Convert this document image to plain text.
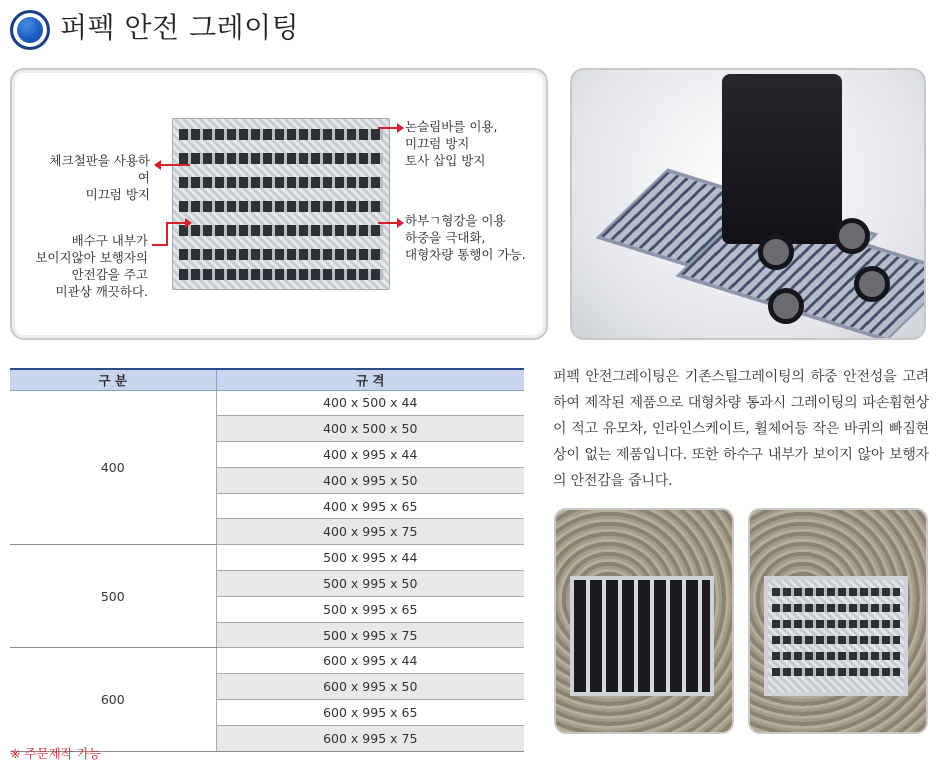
퍼펙 안전 그레이팅
체크철판을 사용하여
미끄럼 방지
배수구 내부가
보이지않아 보행자의
안전감을 주고
미관상 깨끗하다.
논슬림바를 이용,
미끄럼 방지
토사 삽입 방지
하부ㄱ형강을 이용
하중을 극대화,
대형차량 통행이 가능.
구 분	규 격
400	400 x 500 x 44
	400 x 500 x 50
	400 x 995 x 44
	400 x 995 x 50
	400 x 995 x 65
	400 x 995 x 75
500	500 x 995 x 44
	500 x 995 x 50
	500 x 995 x 65
	500 x 995 x 75
600	600 x 995 x 44
	600 x 995 x 50
	600 x 995 x 65
	600 x 995 x 75
※ 주문제작 가능

퍼펙 안전그레이팅은 기존스틸그레이팅의 하중 안전성을 고려하여 제작된 제품으로 대형차량 통과시 그레이팅의 파손휨현상이 적고 유모차, 인라인스케이트, 휠체어등 작은 바퀴의 빠짐현상이 없는 제품입니다. 또한 하수구 내부가 보이지 않아 보행자의 안전감을 줍니다.
